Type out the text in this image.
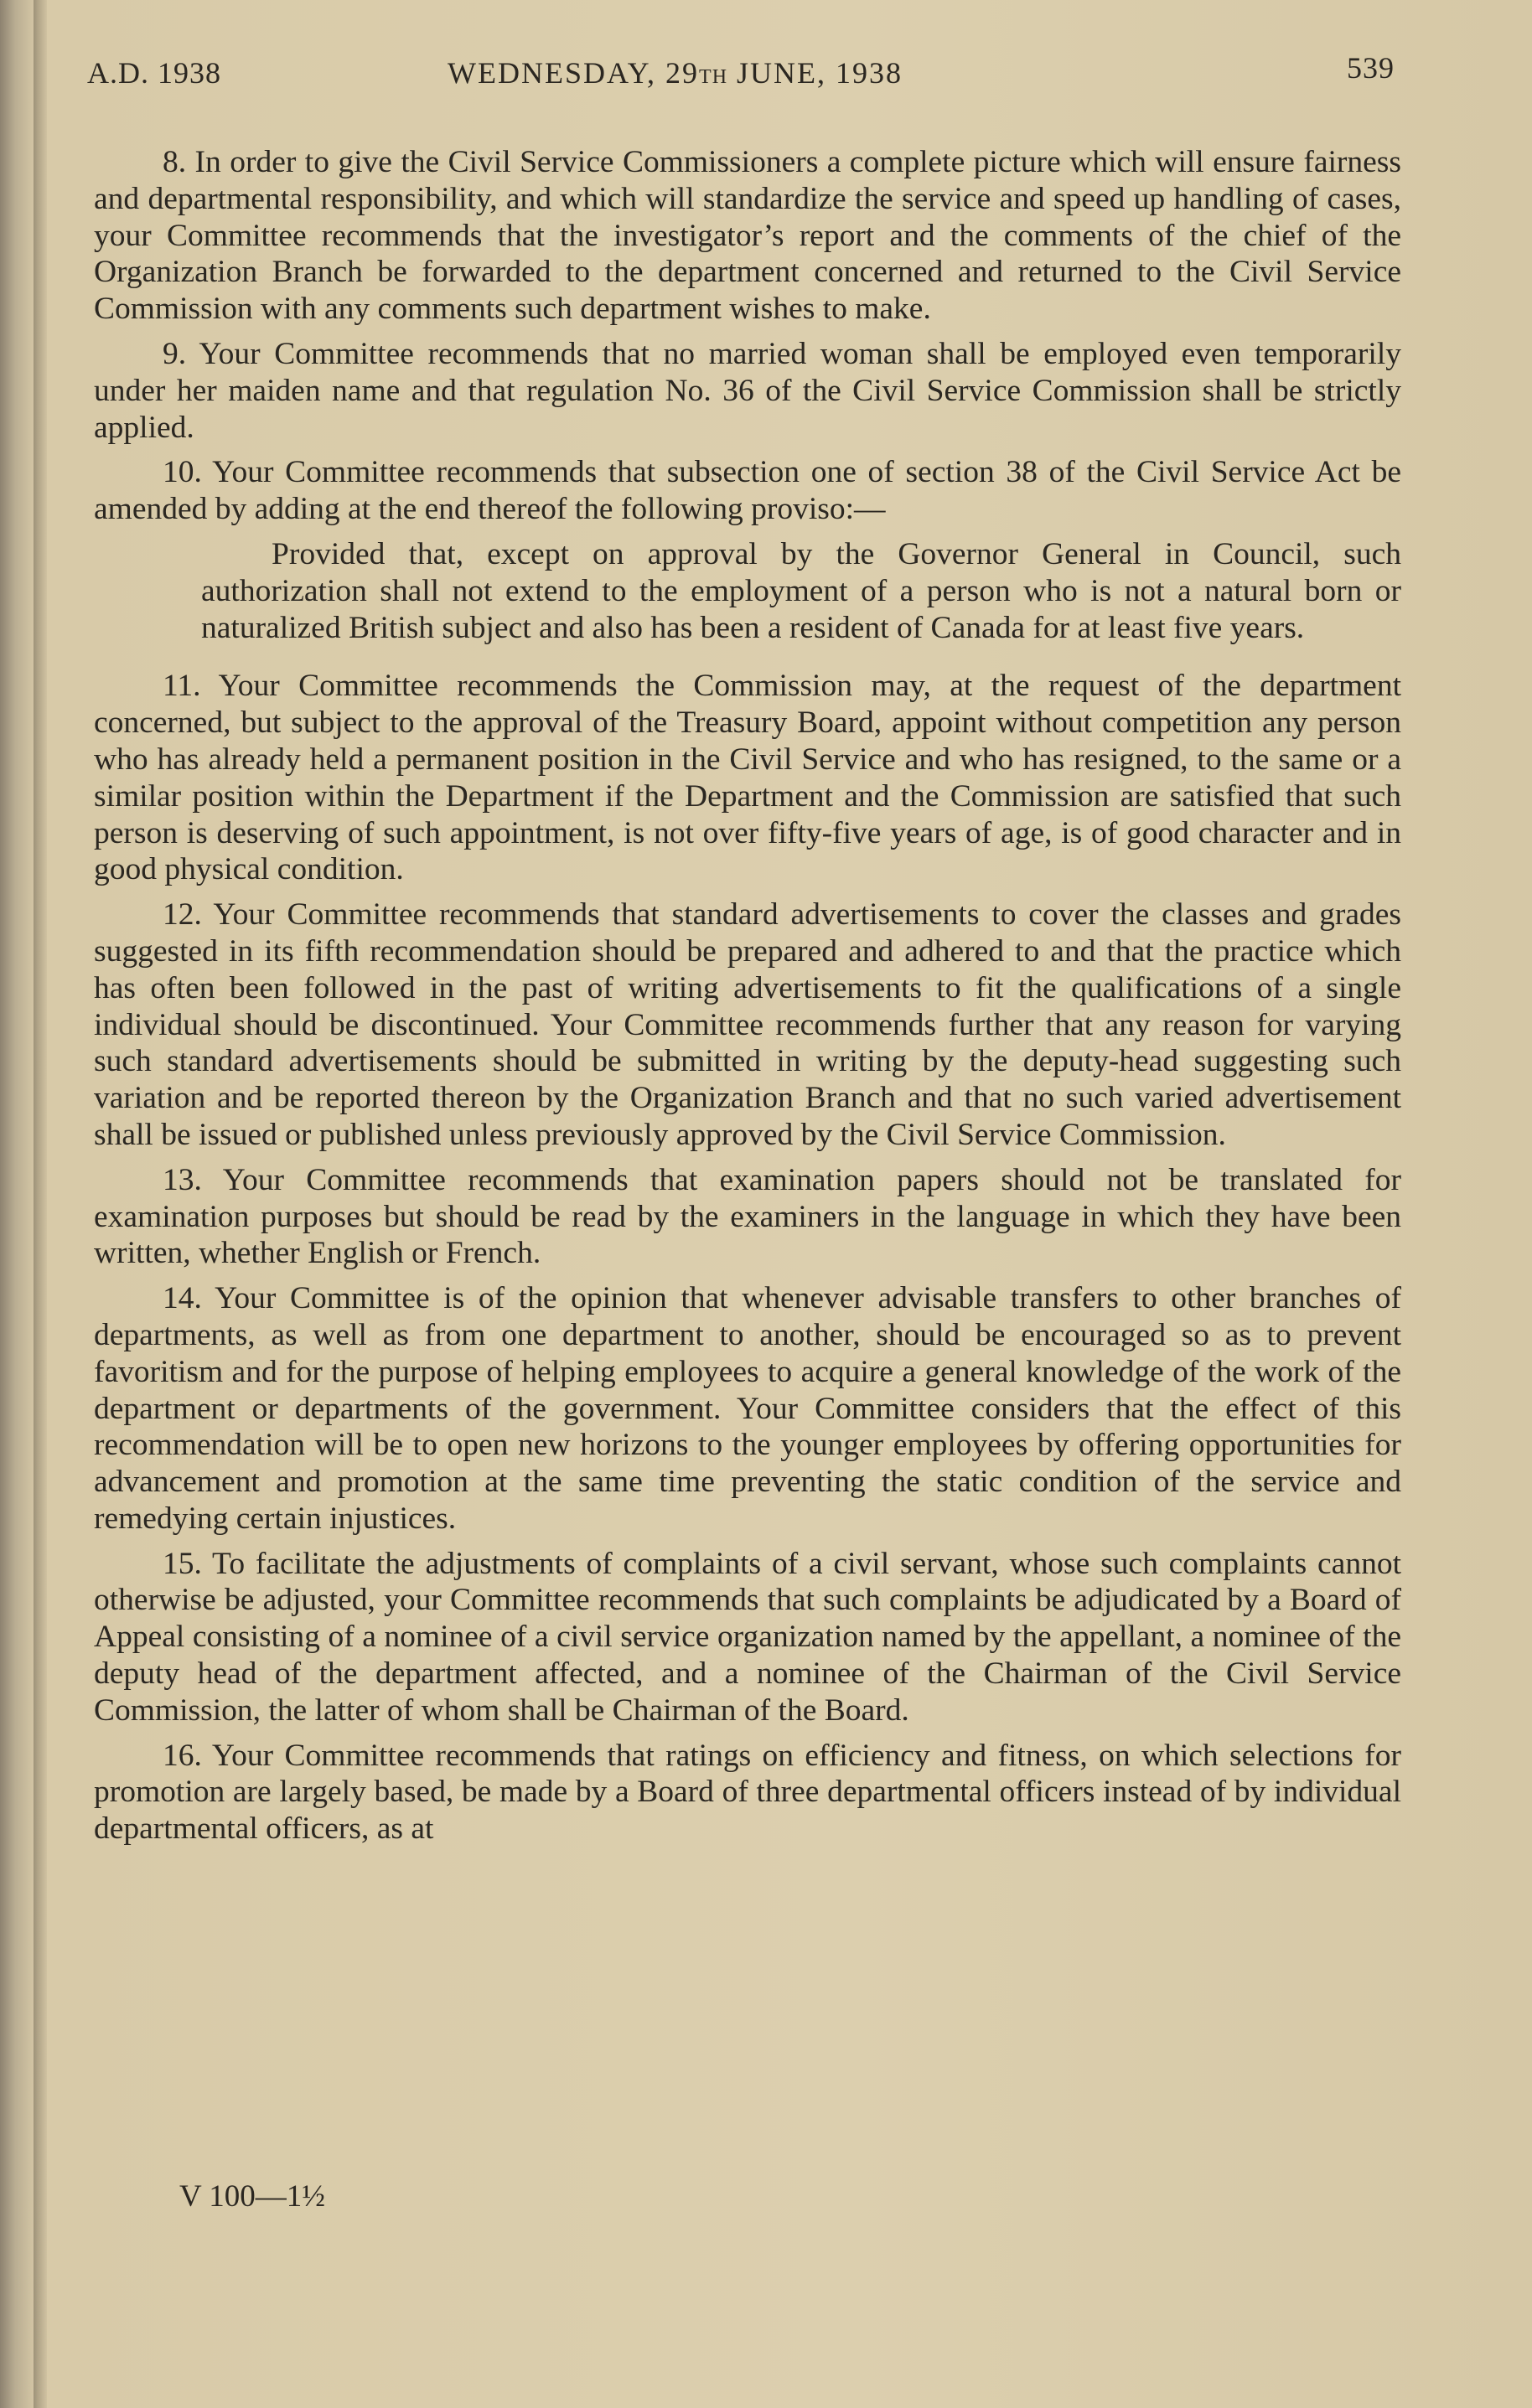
A.D. 1938	WEDNESDAY, 29TH JUNE, 1938	539

8. In order to give the Civil Service Commissioners a complete picture which will ensure fairness and departmental responsibility, and which will standardize the service and speed up handling of cases, your Committee recommends that the investigator’s report and the comments of the chief of the Organization Branch be forwarded to the department concerned and returned to the Civil Service Commission with any comments such department wishes to make.

9. Your Committee recommends that no married woman shall be employed even temporarily under her maiden name and that regulation No. 36 of the Civil Service Commission shall be strictly applied.

10. Your Committee recommends that subsection one of section 38 of the Civil Service Act be amended by adding at the end thereof the following proviso:—

Provided that, except on approval by the Governor General in Council, such authorization shall not extend to the employment of a person who is not a natural born or naturalized British subject and also has been a resident of Canada for at least five years.

11. Your Committee recommends the Commission may, at the request of the department concerned, but subject to the approval of the Treasury Board, appoint without competition any person who has already held a permanent position in the Civil Service and who has resigned, to the same or a similar position within the Department if the Department and the Commission are satisfied that such person is deserving of such appointment, is not over fifty-five years of age, is of good character and in good physical condition.

12. Your Committee recommends that standard advertisements to cover the classes and grades suggested in its fifth recommendation should be prepared and adhered to and that the practice which has often been followed in the past of writing advertisements to fit the qualifications of a single individual should be discontinued. Your Committee recommends further that any reason for varying such standard advertisements should be submitted in writing by the deputy-head suggesting such variation and be reported thereon by the Organization Branch and that no such varied advertisement shall be issued or published unless previously approved by the Civil Service Commission.

13. Your Committee recommends that examination papers should not be translated for examination purposes but should be read by the examiners in the language in which they have been written, whether English or French.

14. Your Committee is of the opinion that whenever advisable transfers to other branches of departments, as well as from one department to another, should be encouraged so as to prevent favoritism and for the purpose of helping employees to acquire a general knowledge of the work of the department or departments of the government. Your Committee considers that the effect of this recommendation will be to open new horizons to the younger employees by offering opportunities for advancement and promotion at the same time preventing the static condition of the service and remedying certain injustices.

15. To facilitate the adjustments of complaints of a civil servant, whose such complaints cannot otherwise be adjusted, your Committee recommends that such complaints be adjudicated by a Board of Appeal consisting of a nominee of a civil service organization named by the appellant, a nominee of the deputy head of the department affected, and a nominee of the Chairman of the Civil Service Commission, the latter of whom shall be Chairman of the Board.

16. Your Committee recommends that ratings on efficiency and fitness, on which selections for promotion are largely based, be made by a Board of three departmental officers instead of by individual departmental officers, as at

V 100—1½
